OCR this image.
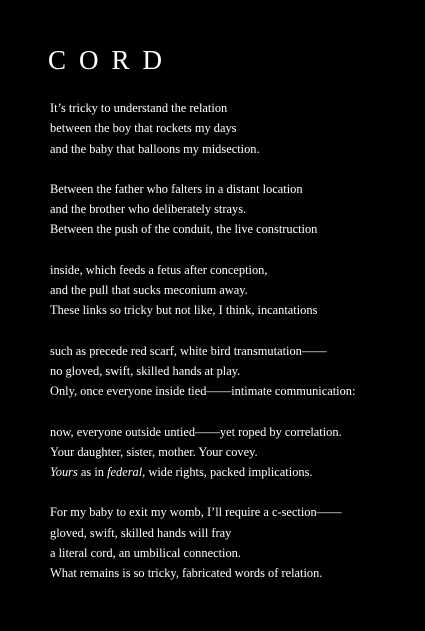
CORD
It’s tricky to understand the relation
between the boy that rockets my days
and the baby that balloons my midsection.
Between the father who falters in a distant location
and the brother who deliberately strays.
Between the push of the conduit, the live construction
inside, which feeds a fetus after conception,
and the pull that sucks meconium away.
These links so tricky but not like, I think, incantations
such as precede red scarf, white bird transmutation——
no gloved, swift, skilled hands at play.
Only, once everyone inside tied——intimate communication:
now, everyone outside untied——yet roped by correlation.
Your daughter, sister, mother. Your covey.
Yours as in federal, wide rights, packed implications.
For my baby to exit my womb, I’ll require a c-section——
gloved, swift, skilled hands will fray
a literal cord, an umbilical connection.
What remains is so tricky, fabricated words of relation.
